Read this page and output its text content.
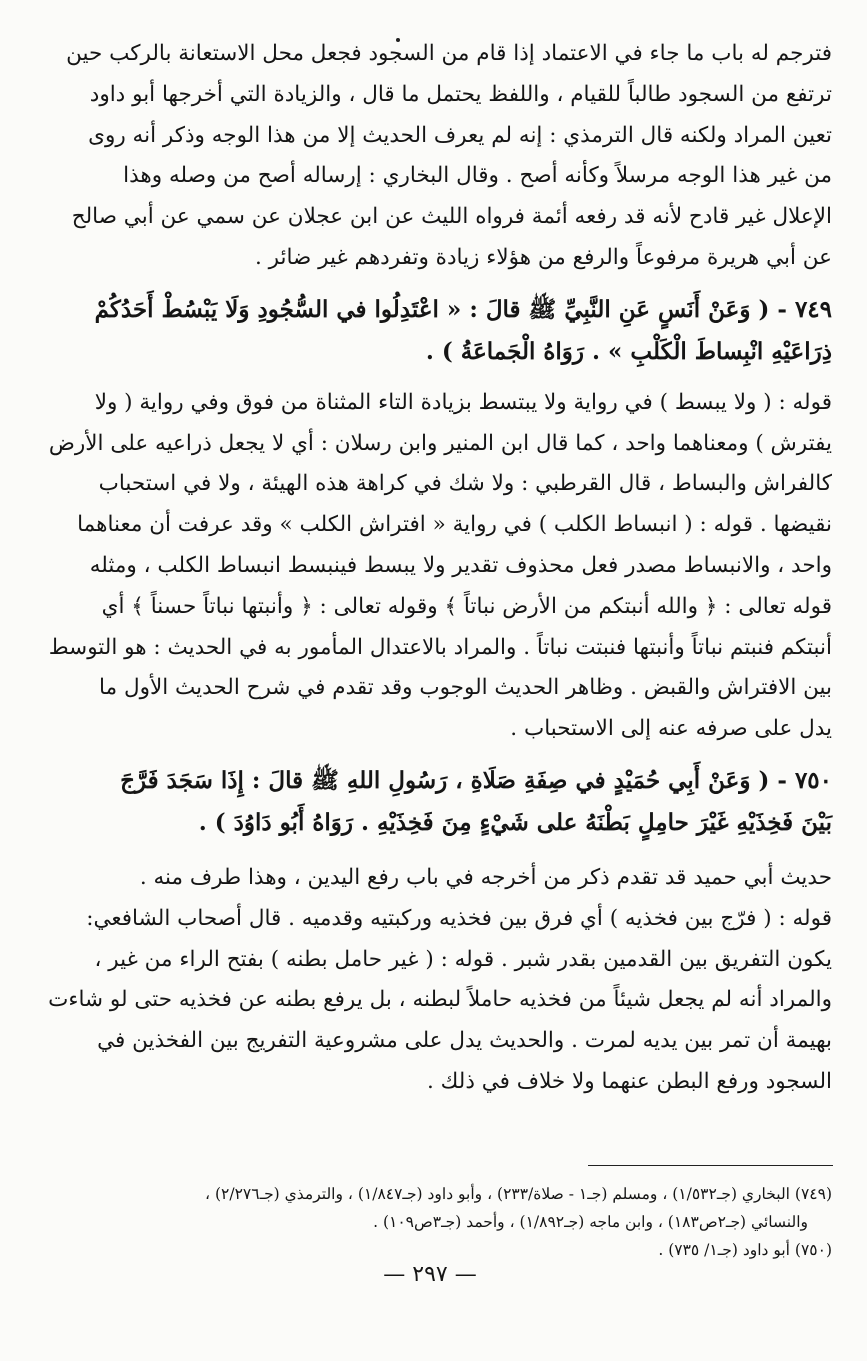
فترجم له باب ما جاء في الاعتماد إذا قام من السجود فجعل محل الاستعانة بالركب حين

ترتفع من السجود طالباً للقيام ، واللفظ يحتمل ما قال ، والزيادة التي أخرجها أبو داود

تعين المراد ولكنه قال الترمذي : إنه لم يعرف الحديث إلا من هذا الوجه وذكر أنه روى

من غير هذا الوجه مرسلاً وكأنه أصح . وقال البخاري : إرساله أصح من وصله وهذا

الإعلال غير قادح لأنه قد رفعه أئمة فرواه الليث عن ابن عجلان عن سمي عن أبي صالح

عن أبي هريرة مرفوعاً والرفع من هؤلاء زيادة وتفردهم غير ضائر .

٧٤٩ - ( وَعَنْ أَنَسٍ عَنِ النَّبِيِّ ﷺ قالَ : « اعْتَدِلُوا في السُّجُودِ وَلَا يَبْسُطْ أَحَدُكُمْ

ذِرَاعَيْهِ انْبِساطَ الْكَلْبِ » . رَوَاهُ الْجَماعَةُ ) .

قوله : ( ولا يبسط ) في رواية ولا يبتسط بزيادة التاء المثناة من فوق وفي رواية ( ولا

يفترش ) ومعناهما واحد ، كما قال ابن المنير وابن رسلان : أي لا يجعل ذراعيه على الأرض

كالفراش والبساط ، قال القرطبي : ولا شك في كراهة هذه الهيئة ، ولا في استحباب

نقيضها . قوله : ( انبساط الكلب ) في رواية « افتراش الكلب » وقد عرفت أن معناهما

واحد ، والانبساط مصدر فعل محذوف تقدير ولا يبسط فينبسط انبساط الكلب ، ومثله

قوله تعالى : ﴿ والله أنبتكم من الأرض نباتاً ﴾ وقوله تعالى : ﴿ وأنبتها نباتاً حسناً ﴾ أي

أنبتكم فنبتم نباتاً وأنبتها فنبتت نباتاً . والمراد بالاعتدال المأمور به في الحديث : هو التوسط

بين الافتراش والقبض . وظاهر الحديث الوجوب وقد تقدم في شرح الحديث الأول ما

يدل على صرفه عنه إلى الاستحباب .

٧٥٠ - ( وَعَنْ أَبِي حُمَيْدٍ في صِفَةِ صَلَاةِ ، رَسُولِ اللهِ ﷺ قالَ : إِذَا سَجَدَ فَرَّجَ

بَيْنَ فَخِذَيْهِ غَيْرَ حامِلٍ بَطْنَهُ على شَيْءٍ مِنَ فَخِذَيْهِ . رَوَاهُ أَبُو دَاوُدَ ) .

حديث أبي حميد قد تقدم ذكر من أخرجه في باب رفع اليدين ، وهذا طرف منه .

قوله : ( فرّج بين فخذيه ) أي فرق بين فخذيه وركبتيه وقدميه . قال أصحاب الشافعي:

يكون التفريق بين القدمين بقدر شبر . قوله : ( غير حامل بطنه ) بفتح الراء من غير ،

والمراد أنه لم يجعل شيئاً من فخذيه حاملاً لبطنه ، بل يرفع بطنه عن فخذيه حتى لو شاءت

بهيمة أن تمر بين يديه لمرت . والحديث يدل على مشروعية التفريج بين الفخذين في

السجود ورفع البطن عنهما ولا خلاف في ذلك .

(٧٤٩) البخاري (جـ١/٥٣٢) ، ومسلم (جـ١ - صلاة/٢٣٣) ، وأبو داود (جـ١/٨٤٧) ، والترمذي (جـ٢/٢٧٦) ،

والنسائي (جـ٢ص١٨٣) ، وابن ماجه (جـ١/٨٩٢) ، وأحمد (جـ٣ص١٠٩) .

(٧٥٠) أبو داود (جـ١/ ٧٣٥) .

— ٢٩٧ —
